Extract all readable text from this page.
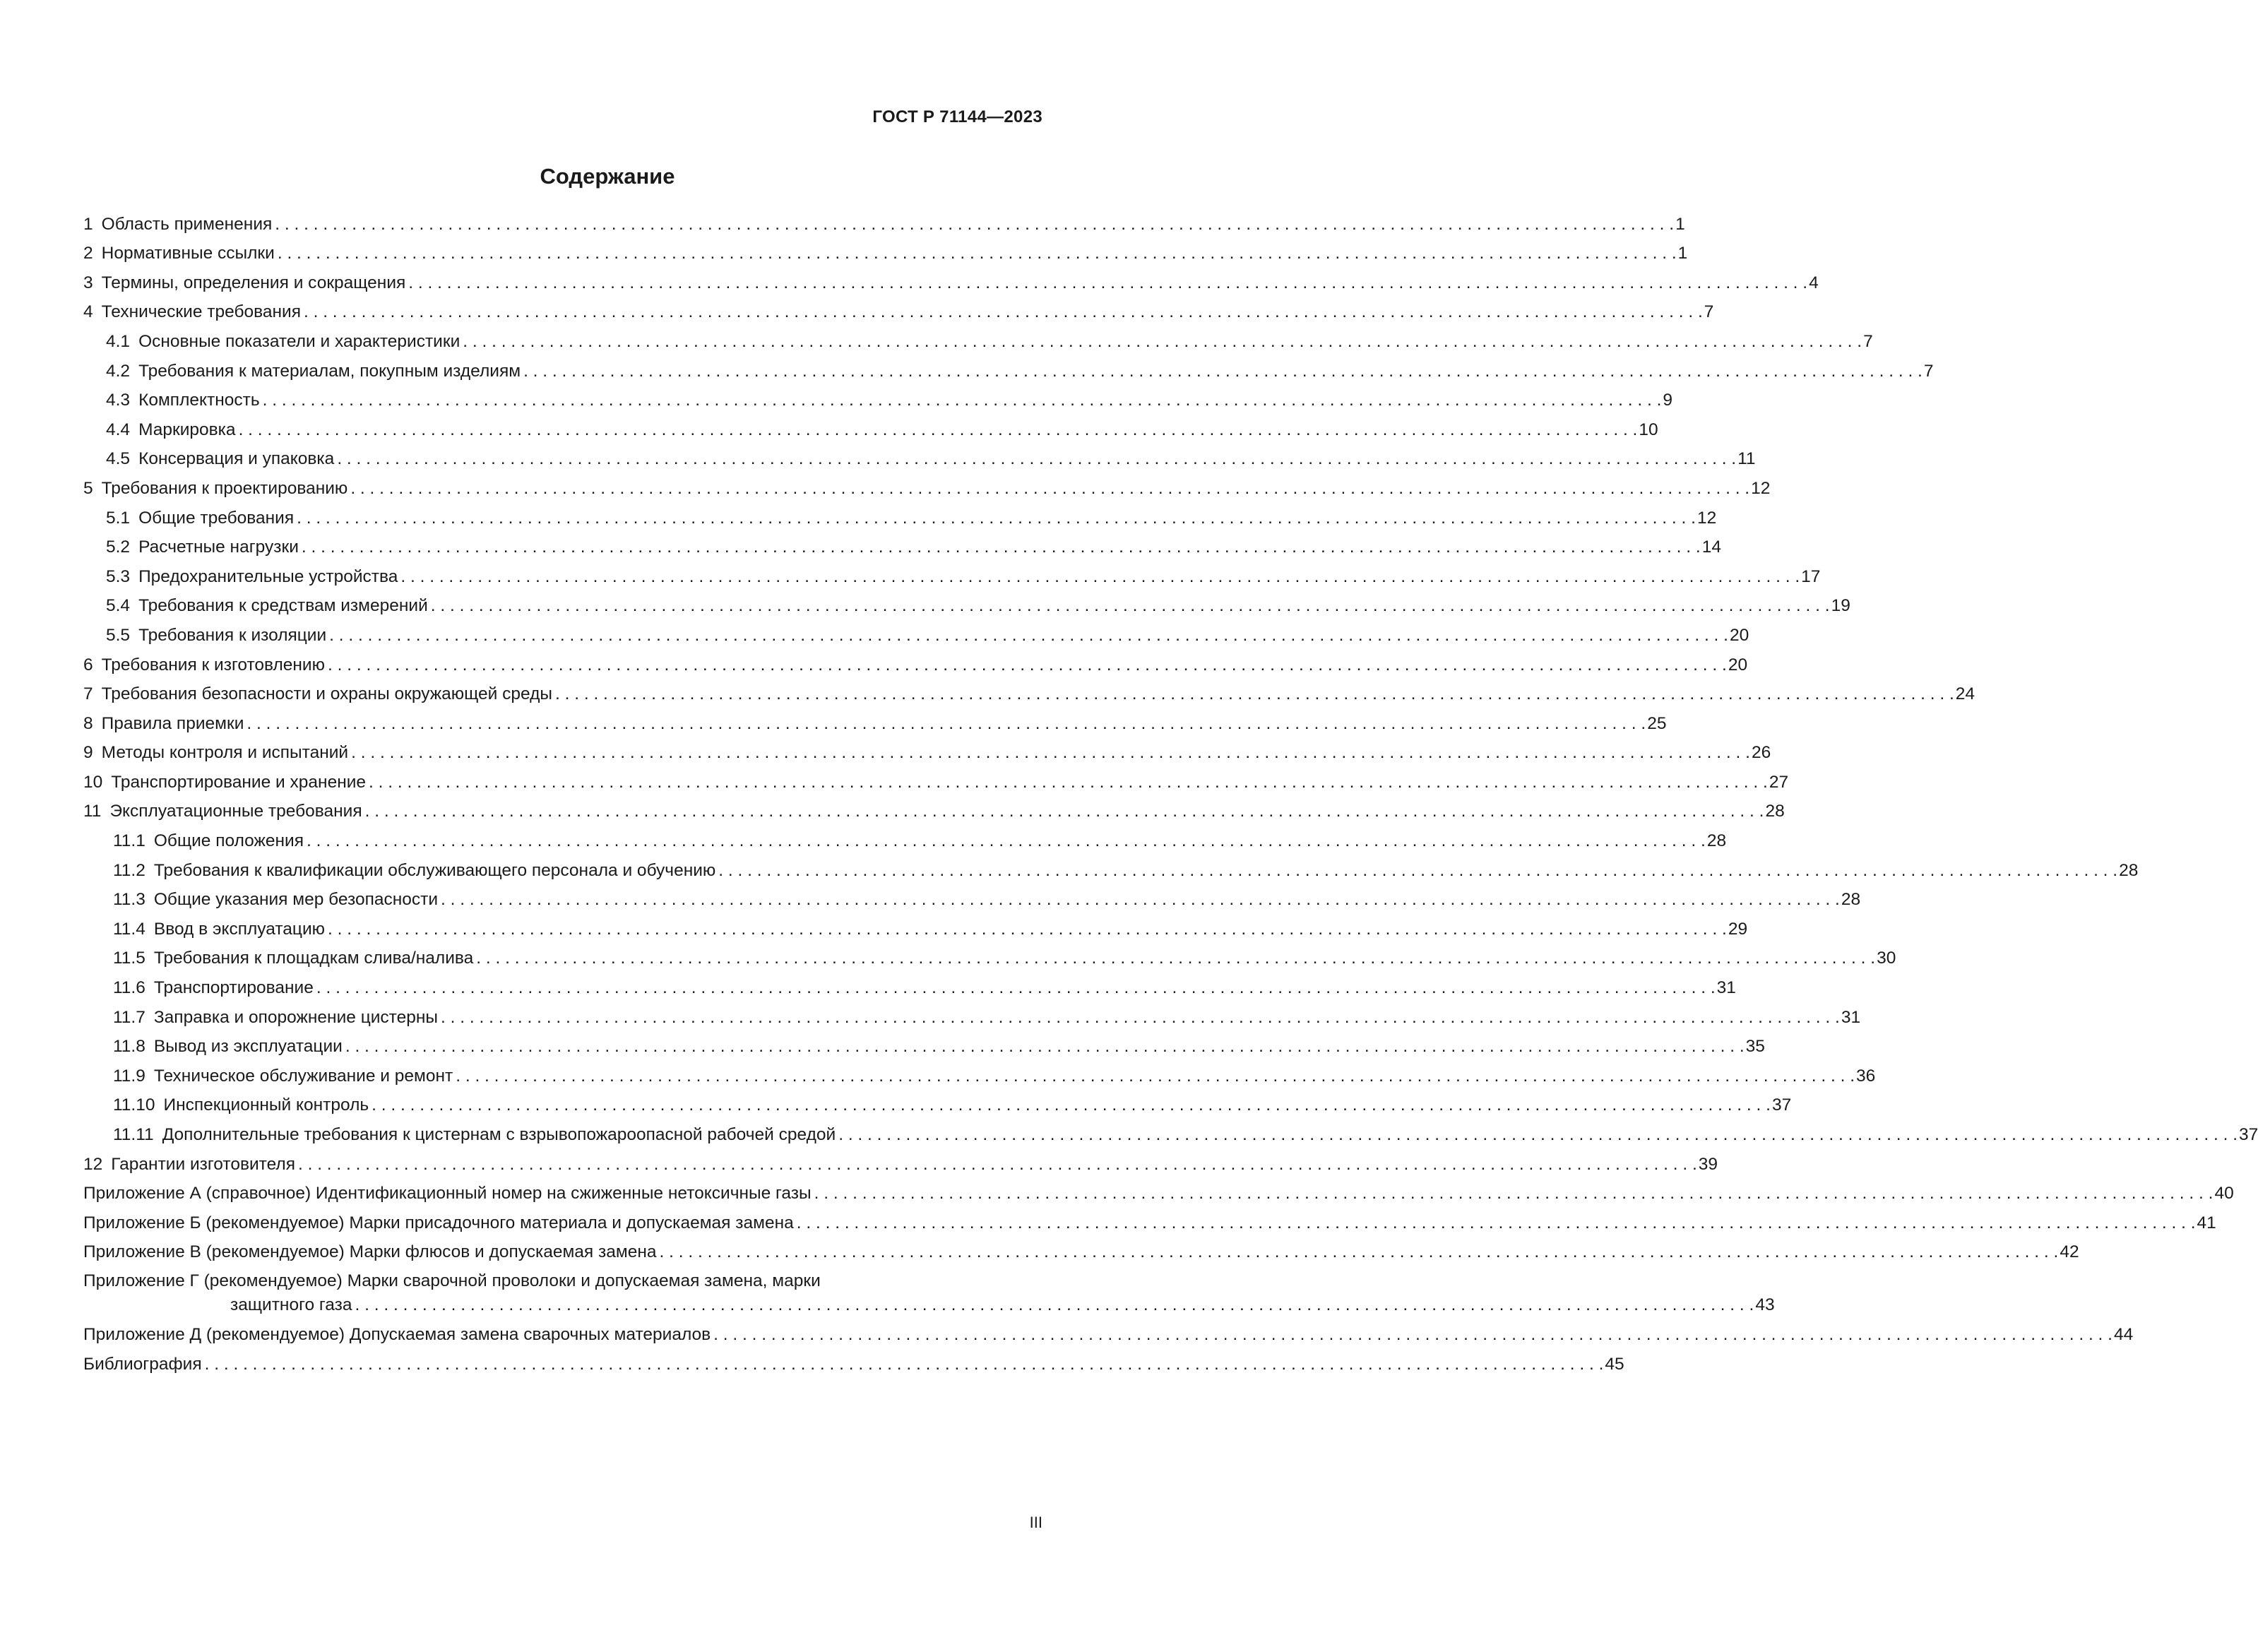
ГОСТ Р 71144—2023
Содержание
1 Область применения . . .	1
2 Нормативные ссылки . . .	1
3 Термины, определения и сокращения . . .	4
4 Технические требования . . .	7
4.1 Основные показатели и характеристики . . .	7
4.2 Требования к материалам, покупным изделиям . . .	7
4.3 Комплектность . . .	9
4.4 Маркировка . . .	10
4.5 Консервация и упаковка . . .	11
5 Требования к проектированию . . .	12
5.1 Общие требования . . .	12
5.2 Расчетные нагрузки . . .	14
5.3 Предохранительные устройства . . .	17
5.4 Требования к средствам измерений . . .	19
5.5 Требования к изоляции . . .	20
6 Требования к изготовлению . . .	20
7 Требования безопасности и охраны окружающей среды . . .	24
8 Правила приемки . . .	25
9 Методы контроля и испытаний . . .	26
10 Транспортирование и хранение . . .	27
11 Эксплуатационные требования . . .	28
11.1 Общие положения . . .	28
11.2 Требования к квалификации обслуживающего персонала и обучению . . .	28
11.3 Общие указания мер безопасности . . .	28
11.4 Ввод в эксплуатацию . . .	29
11.5 Требования к площадкам слива/налива . . .	30
11.6 Транспортирование . . .	31
11.7 Заправка и опорожнение цистерны . . .	31
11.8 Вывод из эксплуатации . . .	35
11.9 Техническое обслуживание и ремонт . . .	36
11.10 Инспекционный контроль . . .	37
11.11 Дополнительные требования к цистернам с взрывопожароопасной рабочей средой . . .	37
12 Гарантии изготовителя . . .	39
Приложение А (справочное) Идентификационный номер на сжиженные нетоксичные газы . . .	40
Приложение Б (рекомендуемое) Марки присадочного материала и допускаемая замена . . .	41
Приложение В (рекомендуемое) Марки флюсов и допускаемая замена . . .	42
Приложение Г (рекомендуемое) Марки сварочной проволоки и допускаемая замена, марки
защитного газа . . .	43
Приложение Д (рекомендуемое) Допускаемая замена сварочных материалов . . .	44
Библиография . . .	45
III
